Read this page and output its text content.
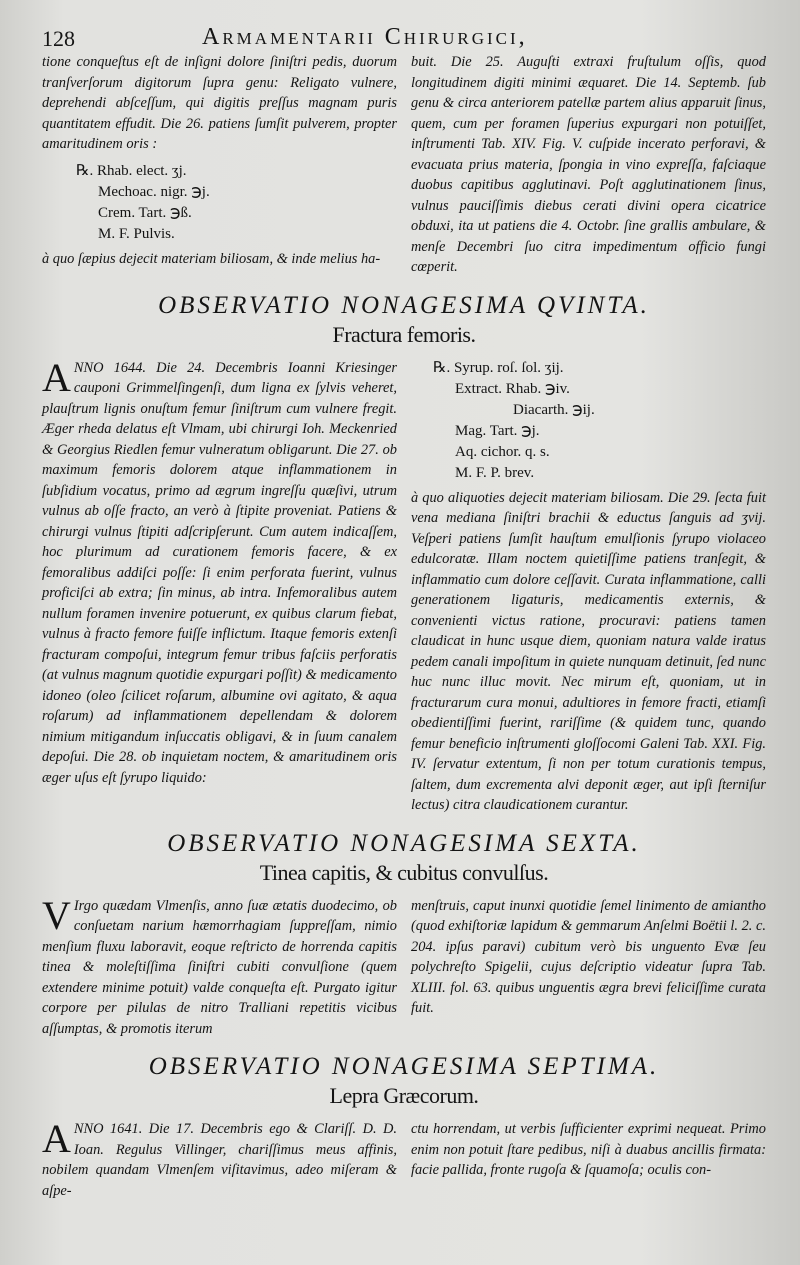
128	Armamentarii Chirurgici,

tione conqueſtus eſt de inſigni dolore ſiniſtri pedis, duorum tranſverſorum digitorum ſupra genu: Religato vulnere, deprehendi abſceſſum, qui digitis preſſus magnam puris quantitatem effudit. Die 26. patiens ſumſit pulverem, propter amaritudinem oris :

℞. Rhab. elect. ʒj.
Mechoac. nigr. ℈j.
Crem. Tart. ℈ß.
M. F. Pulvis.

à quo ſæpius dejecit materiam biliosam, & inde melius ha-

buit. Die 25. Auguſti extraxi fruſtulum oſſis, quod longitudinem digiti minimi æquaret. Die 14. Septemb. ſub genu & circa anteriorem patellæ partem alius apparuit ſinus, quem, cum per foramen ſuperius expurgari non potuiſſet, inſtrumenti Tab. XIV. Fig. V. cuſpide incerato perforavi, & evacuata prius materia, ſpongia in vino expreſſa, faſciaque duobus capitibus agglutinavi. Poſt agglutinationem ſinus, vulnus pauciſſimis diebus cerati divini opera cicatrice obduxi, ita ut patiens die 4. Octobr. ſine grallis ambulare, & menſe Decembri ſuo citra impedimentum officio fungi cœperit.

OBSERVATIO NONAGESIMA QVINTA.
Fractura femoris.

ANNO 1644. Die 24. Decembris Ioanni Kriesinger cauponi Grimmelſingenſi, dum ligna ex ſylvis veheret, plauſtrum lignis onuſtum femur ſiniſtrum cum vulnere fregit. Æger rheda delatus eſt Vlmam, ubi chirurgi Ioh. Meckenried & Georgius Riedlen femur vulneratum obligarunt. Die 27. ob maximum femoris dolorem atque inflammationem in ſubſidium vocatus, primo ad ægrum ingreſſu quæſivi, utrum vulnus ab oſſe fracto, an verò à ſtipite proveniat. Patiens & chirurgi vulnus ſtipiti adſcripſerunt. Cum autem indicaſſem, hoc plurimum ad curationem femoris facere, & ex femoralibus addiſci poſſe: ſi enim perforata fuerint, vulnus proficiſci ab extra; ſin minus, ab intra. Infemoralibus autem nullum foramen invenire potuerunt, ex quibus clarum fiebat, vulnus à fracto femore fuiſſe inflictum. Itaque femoris extenſi fracturam compoſui, integrum femur tribus faſciis perforatis (at vulnus magnum quotidie expurgari poſſit) & medicamento idoneo (oleo ſcilicet roſarum, albumine ovi agitato, & aqua roſarum) ad inflammationem depellendam & dolorem nimium mitigandum inſuccatis obligavi, & in ſuum canalem depoſui. Die 28. ob inquietam noctem, & amaritudinem oris æger uſus eſt ſyrupo liquido:

℞. Syrup. roſ. ſol. ʒij.
Extract. Rhab. ℈iv.
Diacarth. ℈ij.
Mag. Tart. ℈j.
Aq. cichor. q. s.
M. F. P. brev.

à quo aliquoties dejecit materiam biliosam. Die 29. ſecta fuit vena mediana ſiniſtri brachii & eductus ſanguis ad ʒvij. Veſperi patiens ſumſit hauſtum emulſionis ſyrupo violaceo edulcoratæ. Illam noctem quietiſſime patiens tranſegit, & inflammatio cum dolore ceſſavit. Curata inflammatione, calli generationem ligaturis, medicamentis externis, & convenienti victus ratione, procuravi: patiens tamen claudicat in hunc usque diem, quoniam natura valde iratus pedem canali impoſitum in quiete nunquam detinuit, ſed nunc huc nunc illuc movit. Nec mirum eſt, quoniam, ut in fracturarum cura monui, adultiores in femore fracti, etiamſi obedientiſſimi fuerint, rariſſime (& quidem tunc, quando femur beneficio inſtrumenti gloſſocomi Galeni Tab. XXI. Fig. IV. ſervatur extentum, ſi non per totum curationis tempus, ſaltem, dum excrementa alvi deponit æger, aut ipſi ſterniſur lectus) citra claudicationem curantur.

OBSERVATIO NONAGESIMA SEXTA.
Tinea capitis, & cubitus convulſus.

V Irgo quædam Vlmenſis, anno ſuæ ætatis duodecimo, ob conſuetam narium hæmorrhagiam ſuppreſſam, nimio menſium fluxu laboravit, eoque reſtricto de horrenda capitis tinea & moleſtiſſima ſiniſtri cubiti convulſione (quem extendere minime potuit) valde conqueſta eſt. Purgato igitur corpore per pilulas de nitro Tralliani repetitis vicibus aſſumptas, & promotis iterum

menſtruis, caput inunxi quotidie ſemel linimento de amiantho (quod exhiſtoriæ lapidum & gemmarum Anſelmi Boëtii l. 2. c. 204. ipſus paravi) cubitum verò bis unguento Evæ ſeu polychreſto Spigelii, cujus deſcriptio videatur ſupra Tab. XLIII. fol. 63. quibus unguentis ægra brevi feliciſſime curata fuit.

OBSERVATIO NONAGESIMA SEPTIMA.
Lepra Græcorum.

ANNO 1641. Die 17. Decembris ego & Clariſſ. D. D. Ioan. Regulus Villinger, chariſſimus meus affinis, nobilem quandam Vlmenſem viſitavimus, adeo miſeram & aſpe-

ctu horrendam, ut verbis ſufficienter exprimi nequeat. Primo enim non potuit ſtare pedibus, niſi à duabus ancillis firmata: facie pallida, fronte rugoſa & ſquamoſa; oculis con-
